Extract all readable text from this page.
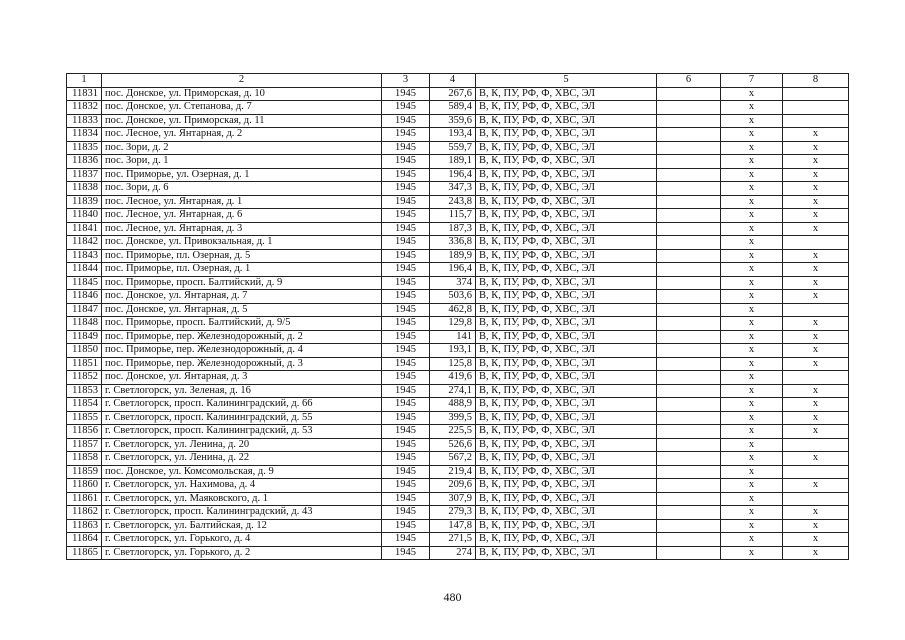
1	2	3	4	5	6	7	8
11831	пос. Донское, ул. Приморская, д. 10	1945	267,6	В, К, ПУ, РФ, Ф, ХВС, ЭЛ		х	
11832	пос. Донское, ул. Степанова, д. 7	1945	589,4	В, К, ПУ, РФ, Ф, ХВС, ЭЛ		х	
11833	пос. Донское, ул. Приморская, д. 11	1945	359,6	В, К, ПУ, РФ, Ф, ХВС, ЭЛ		х	
11834	пос. Лесное, ул. Янтарная, д. 2	1945	193,4	В, К, ПУ, РФ, Ф, ХВС, ЭЛ		х	х
11835	пос. Зори, д. 2	1945	559,7	В, К, ПУ, РФ, Ф, ХВС, ЭЛ		х	х
11836	пос. Зори, д. 1	1945	189,1	В, К, ПУ, РФ, Ф, ХВС, ЭЛ		х	х
11837	пос. Приморье, ул. Озерная, д. 1	1945	196,4	В, К, ПУ, РФ, Ф, ХВС, ЭЛ		х	х
11838	пос. Зори, д. 6	1945	347,3	В, К, ПУ, РФ, Ф, ХВС, ЭЛ		х	х
11839	пос. Лесное, ул. Янтарная, д. 1	1945	243,8	В, К, ПУ, РФ, Ф, ХВС, ЭЛ		х	х
11840	пос. Лесное, ул. Янтарная, д. 6	1945	115,7	В, К, ПУ, РФ, Ф, ХВС, ЭЛ		х	х
11841	пос. Лесное, ул. Янтарная, д. 3	1945	187,3	В, К, ПУ, РФ, Ф, ХВС, ЭЛ		х	х
11842	пос. Донское, ул. Привокзальная, д. 1	1945	336,8	В, К, ПУ, РФ, Ф, ХВС, ЭЛ		х	
11843	пос. Приморье, пл. Озерная, д. 5	1945	189,9	В, К, ПУ, РФ, Ф, ХВС, ЭЛ		х	х
11844	пос. Приморье, пл. Озерная, д. 1	1945	196,4	В, К, ПУ, РФ, Ф, ХВС, ЭЛ		х	х
11845	пос. Приморье, просп. Балтийский, д. 9	1945	374	В, К, ПУ, РФ, Ф, ХВС, ЭЛ		х	х
11846	пос. Донское, ул. Янтарная, д. 7	1945	503,6	В, К, ПУ, РФ, Ф, ХВС, ЭЛ		х	х
11847	пос. Донское, ул. Янтарная, д. 5	1945	462,8	В, К, ПУ, РФ, Ф, ХВС, ЭЛ		х	
11848	пос. Приморье, просп. Балтийский, д. 9/5	1945	129,8	В, К, ПУ, РФ, Ф, ХВС, ЭЛ		х	х
11849	пос. Приморье, пер. Железнодорожный, д. 2	1945	141	В, К, ПУ, РФ, Ф, ХВС, ЭЛ		х	х
11850	пос. Приморье, пер. Железнодорожный, д. 4	1945	193,1	В, К, ПУ, РФ, Ф, ХВС, ЭЛ		х	х
11851	пос. Приморье, пер. Железнодорожный, д. 3	1945	125,8	В, К, ПУ, РФ, Ф, ХВС, ЭЛ		х	х
11852	пос. Донское, ул. Янтарная, д. 3	1945	419,6	В, К, ПУ, РФ, Ф, ХВС, ЭЛ		х	
11853	г. Светлогорск, ул. Зеленая, д. 16	1945	274,1	В, К, ПУ, РФ, Ф, ХВС, ЭЛ		х	х
11854	г. Светлогорск, просп. Калининградский, д. 66	1945	488,9	В, К, ПУ, РФ, Ф, ХВС, ЭЛ		х	х
11855	г. Светлогорск, просп. Калининградский, д. 55	1945	399,5	В, К, ПУ, РФ, Ф, ХВС, ЭЛ		х	х
11856	г. Светлогорск, просп. Калининградский, д. 53	1945	225,5	В, К, ПУ, РФ, Ф, ХВС, ЭЛ		х	х
11857	г. Светлогорск, ул. Ленина, д. 20	1945	526,6	В, К, ПУ, РФ, Ф, ХВС, ЭЛ		х	
11858	г. Светлогорск, ул. Ленина, д. 22	1945	567,2	В, К, ПУ, РФ, Ф, ХВС, ЭЛ		х	х
11859	пос. Донское, ул. Комсомольская, д. 9	1945	219,4	В, К, ПУ, РФ, Ф, ХВС, ЭЛ		х	
11860	г. Светлогорск, ул. Нахимова, д. 4	1945	209,6	В, К, ПУ, РФ, Ф, ХВС, ЭЛ		х	х
11861	г. Светлогорск, ул. Маяковского, д. 1	1945	307,9	В, К, ПУ, РФ, Ф, ХВС, ЭЛ		х	
11862	г. Светлогорск, просп. Калининградский, д. 43	1945	279,3	В, К, ПУ, РФ, Ф, ХВС, ЭЛ		х	х
11863	г. Светлогорск, ул. Балтийская, д. 12	1945	147,8	В, К, ПУ, РФ, Ф, ХВС, ЭЛ		х	х
11864	г. Светлогорск, ул. Горького, д. 4	1945	271,5	В, К, ПУ, РФ, Ф, ХВС, ЭЛ		х	х
11865	г. Светлогорск, ул. Горького, д. 2	1945	274	В, К, ПУ, РФ, Ф, ХВС, ЭЛ		х	х
480
